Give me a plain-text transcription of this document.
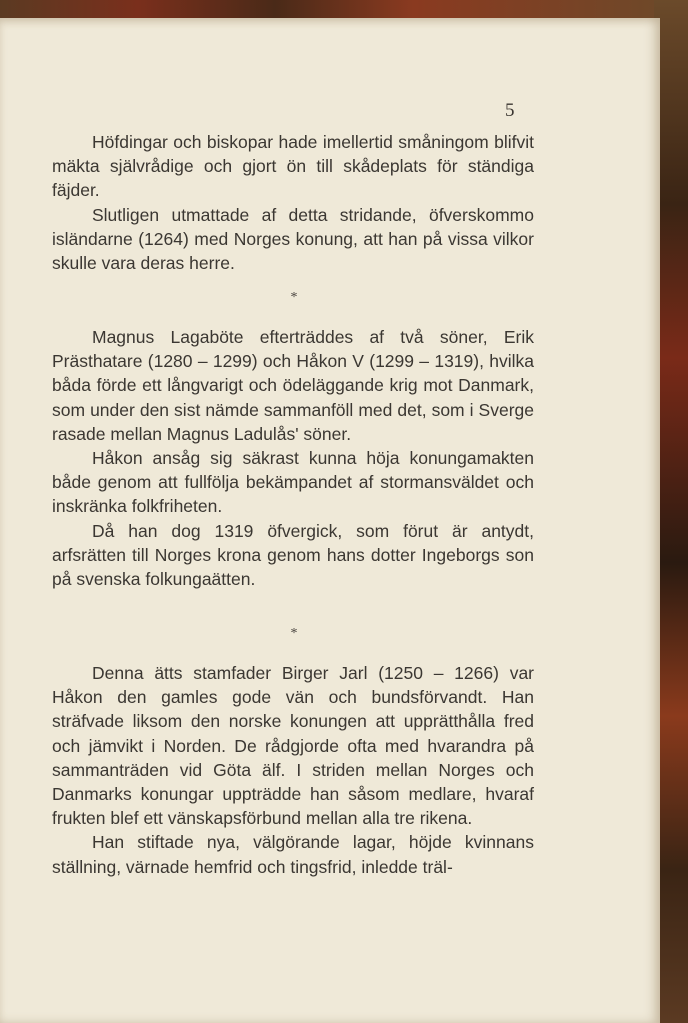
5

Höfdingar och biskopar hade imellertid småningom blifvit mäkta självrådige och gjort ön till skådeplats för ständiga fäjder.

Slutligen utmattade af detta stridande, öfverskommo isländarne (1264) med Norges konung, att han på vissa vilkor skulle vara deras herre.

*

Magnus Lagaböte efterträddes af två söner, Erik Prästhatare (1280 – 1299) och Håkon V (1299 – 1319), hvilka båda förde ett långvarigt och ödeläggande krig mot Danmark, som under den sist nämde sammanföll med det, som i Sverge rasade mellan Magnus Ladulås' söner.

Håkon ansåg sig säkrast kunna höja konungamakten både genom att fullfölja bekämpandet af stormansväldet och inskränka folkfriheten.

Då han dog 1319 öfvergick, som förut är antydt, arfsrätten till Norges krona genom hans dotter Ingeborgs son på svenska folkungaätten.

*

Denna ätts stamfader Birger Jarl (1250 – 1266) var Håkon den gamles gode vän och bundsförvandt. Han sträfvade liksom den norske konungen att upprätthålla fred och jämvikt i Norden. De rådgjorde ofta med hvarandra på sammanträden vid Göta älf. I striden mellan Norges och Danmarks konungar uppträdde han såsom medlare, hvaraf frukten blef ett vänskapsförbund mellan alla tre rikena.

Han stiftade nya, välgörande lagar, höjde kvinnans ställning, värnade hemfrid och tingsfrid, inledde träl-
